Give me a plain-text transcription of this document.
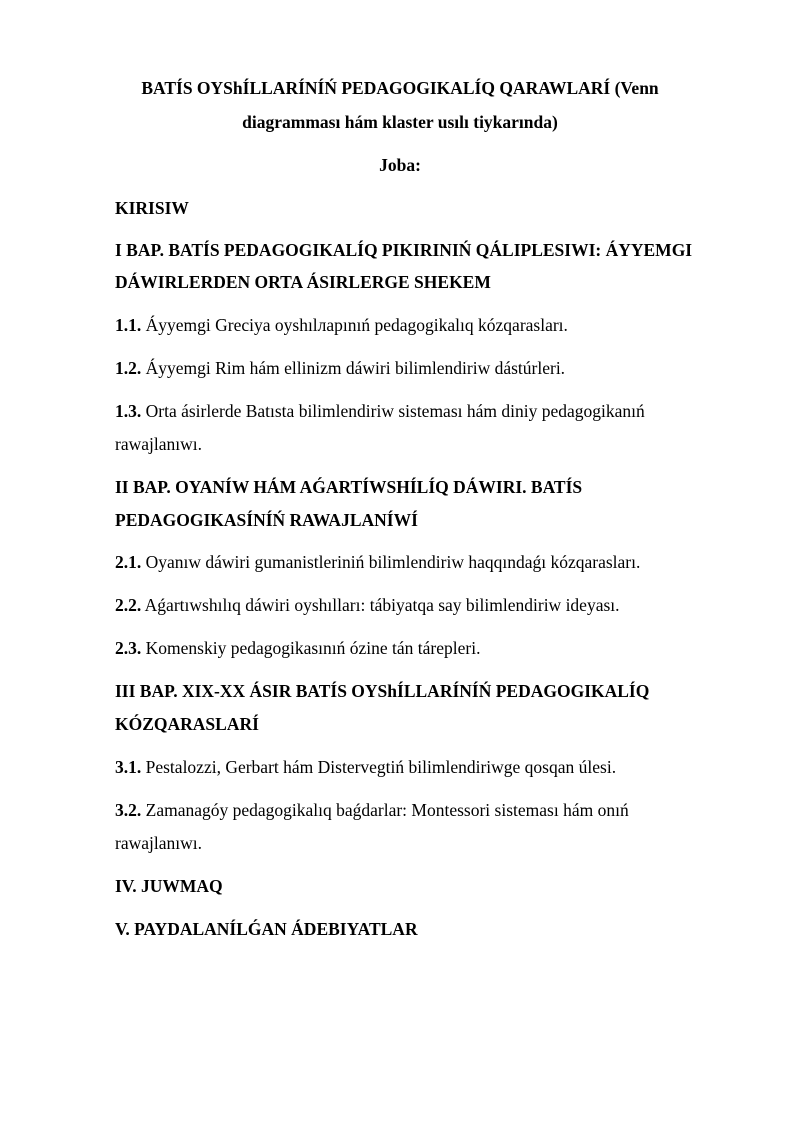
BATÍS OYShÍLLARÍNÍŃ PEDAGOGIKALÍQ QARAWLARÍ (Venn
diagramması hám klaster usılı tiykarında)
Joba:
KIRISIW
I BAP. BATÍS PEDAGOGIKALÍQ PIKIRINIŃ QÁLIPLESIWI: ÁYYEMGI
DÁWIRLERDEN ORTA ÁSIRLERGE SHEKEM
1.1. Áyyemgi Greciya oyshılларınıń pedagogikalıq kózqarasları.
1.2. Áyyemgi Rim hám ellinizm dáwiri bilimlendiriw dástúrleri.
1.3. Orta ásirlerde Batısta bilimlendiriw sisteması hám diniy pedagogikanıń
rawajlanıwı.
II BAP. OYANÍW HÁM AǴARTÍWSHÍLÍQ DÁWIRI. BATÍS
PEDAGOGIKASÍNÍŃ RAWAJLANÍWÍ
2.1. Oyanıw dáwiri gumanistleriniń bilimlendiriw haqqındaǵı kózqarasları.
2.2. Aǵartıwshılıq dáwiri oyshılları: tábiyatqa say bilimlendiriw ideyası.
2.3. Komenskiy pedagogikasınıń ózine tán tárepleri.
III BAP. XIX-XX ÁSIR BATÍS OYShÍLLARÍNÍŃ PEDAGOGIKALÍQ
KÓZQARASLARÍ
3.1. Pestalozzi, Gerbart hám Distervegtiń bilimlendiriwge qosqan úlesi.
3.2. Zamanagóy pedagogikalıq baǵdarlar: Montessori sisteması hám onıń
rawajlanıwı.
IV. JUWMAQ
V. PAYDALANÍLǴAN ÁDEBIYATLAR
